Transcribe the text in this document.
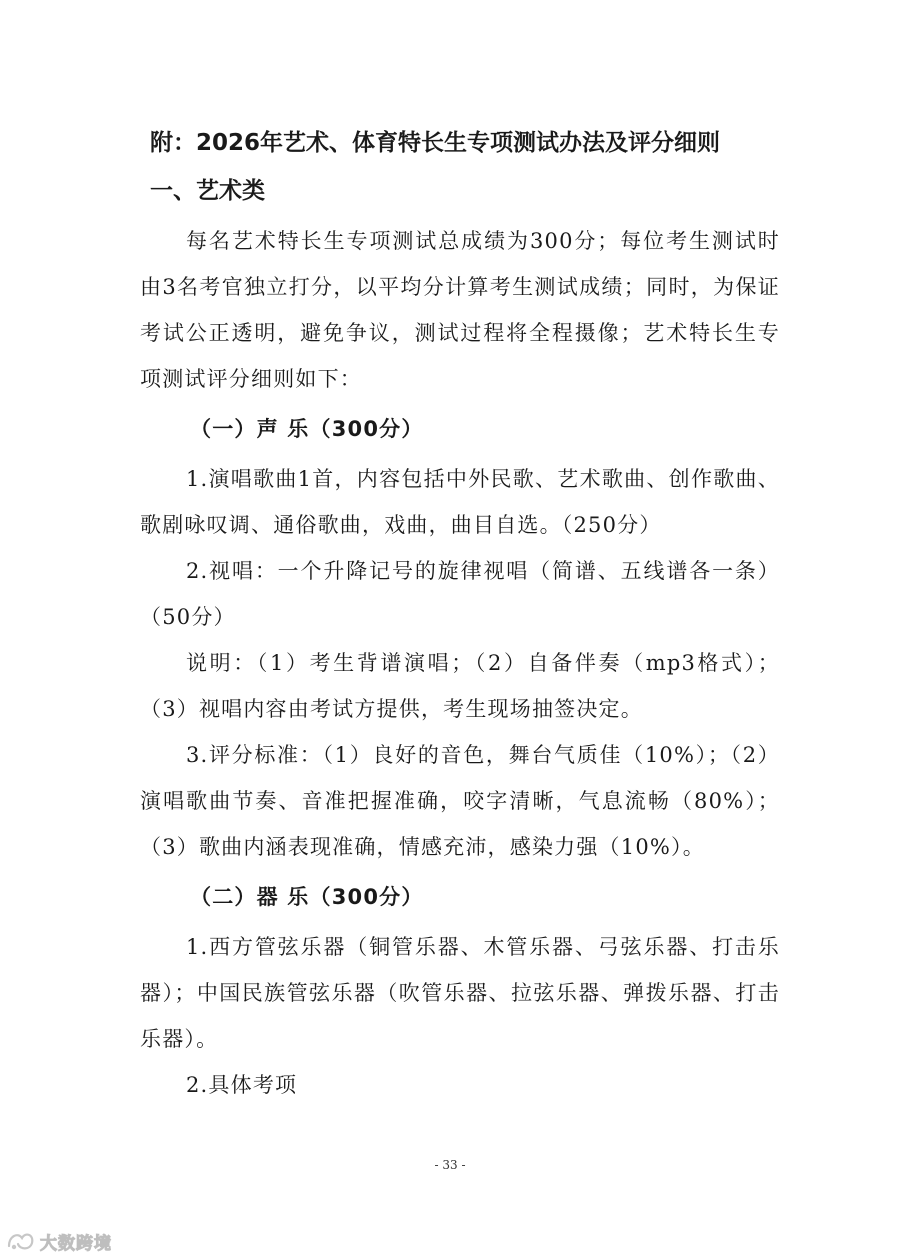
附：2026年艺术、体育特长生专项测试办法及评分细则
一、艺术类

每名艺术特长生专项测试总成绩为300分；每位考生测试时由3名考官独立打分，以平均分计算考生测试成绩；同时，为保证考试公正透明，避免争议，测试过程将全程摄像；艺术特长生专项测试评分细则如下：

（一）声 乐（300分）

1.演唱歌曲1首，内容包括中外民歌、艺术歌曲、创作歌曲、歌剧咏叹调、通俗歌曲，戏曲，曲目自选。（250分）

2.视唱：一个升降记号的旋律视唱（简谱、五线谱各一条）（50分）

说明：（1）考生背谱演唱；（2）自备伴奏（mp3格式）；（3）视唱内容由考试方提供，考生现场抽签决定。

3.评分标准：（1）良好的音色，舞台气质佳（10%）；（2）演唱歌曲节奏、音准把握准确，咬字清晰，气息流畅（80%）；（3）歌曲内涵表现准确，情感充沛，感染力强（10%）。

（二）器 乐（300分）

1.西方管弦乐器（铜管乐器、木管乐器、弓弦乐器、打击乐器）；中国民族管弦乐器（吹管乐器、拉弦乐器、弹拨乐器、打击乐器）。

2.具体考项

- 33 -
大数跨境
